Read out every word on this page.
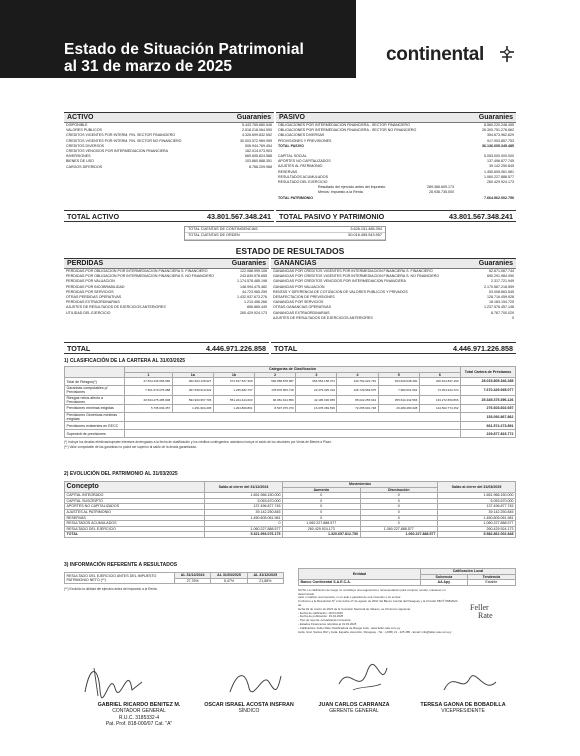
Estado de Situación Patrimonial
al 31 de marzo de 2025
continental
ACTIVO	Guaranies
DISPONIBLE	5.443.765.680.546
VALORES PUBLICOS	2.518.218.064.590
CREDITOS VIGENTES POR INTERM. FIN. SECTOR FINANCIERO	4.326.699.832.552
CREDITOS VIGENTES POR INTERM. FIN. SECTOR NO FINANCIERO	30.003.572.969.959
CREDITOS DIVERSOS	506.944.769.454
CREDITOS VENCIDOS POR INTERMEDIACION FINANCIERA	162.014.073.903
INVERSIONES	669.695.824.588
BIENES DE USO	103.860.888.351
CARGOS DIFERIDOS	8.788.209.968
PASIVO	Guaranies
OBLIGACIONES POR INTERMEDIACION FINANCIERA - SECTOR FINANCIERO	8.560.220.248.455
OBLIGACIONES POR INTERMEDIACION FINANCIERA - SECTOR NO FINANCIERO	26.300.751.276.662
OBLIGACIONES DIVERSAS	354.673.962.629
PROVISIONES Y PREVISIONES	917.903.857.753
TOTAL PASIVO	36.136.605.345.485
CAPITAL SOCIAL	5.053.000.000.000
APORTES NO CAPITALIZADOS	137.496.877.745
AJUSTES AL PATRIMONIO	39.142.250.845
RESERVAS	1.450.605.061.981
RESULTADOS ACUMULADOS	1.060.227.888.577
RESULTADO DEL EJERCICIO	260.429.924.173
Resultado del ejercicio antes del impuesto	289.366.609.173
Menos: impuesto a la Renta	28.936.735.000
TOTAL PATRIMONIO	7.664.962.002.756
TOTAL ACTIVO	43.801.567.348.241 TOTAL PASIVO Y PATRIMONIO	43.801.567.348.241
TOTAL CUENTAS DE CONTINGENCIAS	3.626.151.486.394
TOTAL CUENTAS DE ORDEN	50.016.459.943.957
ESTADO DE RESULTADOS
PERDIDAS	Guaranies
PERDIDAS POR OBLIGACION POR INTERMEDIACION FINANCIERA S. FINANCIERO	122.088.999.106
PERDIDAS POR OBLIGACION POR INTERMEDIACION FINANCIERA S. NO FINANCIERO	243.839.578.655
PERDIDAS POR VALUACION	1.174.578.485.198
PERDIDAS POR INCOBRABILIDAD	148.994.475.482
PERDIDAS POR SERVICIOS	44.723.965.259
OTRAS PERDIDAS OPERATIVAS	1.432.937.673.276
PERDIDAS EXTRAORDINARIAS	1.210.456.266
AJUSTES DE RESULTADOS DE EJERCICIOS ANTERIORES	856.865.449
UTILIDAD DEL EJERCICIO	260.429.924.173
GANANCIAS	Guaranies
GANANCIAS POR CREDITOS VIGENTES POR INTERMEDIACION FINANCIERA S. FINANCIERO	62.671.067.744
GANANCIAS POR CREDITOS VIGENTES POR INTERMEDIACION FINANCIERA S. NO FINANCIERO	690.291.984.090
GANANCIAS POR CREDITOS VENCIDOS POR INTERMEDIACION FINANCIERA	2.317.721.949
GANANCIAS POR VALUACION	2.170.567.218.559
RENTAS Y DIFERENCIA DE COTIZACION DE VALORES PUBLICOS Y PRIVADOS	53.008.663.545
DESAFECTACION DE PREVISIONES	128.716.459.928
GANANCIAS POR SERVICIOS	18.183.194.725
OTRAS GANANCIAS OPERATIVAS	1.237.576.457.148
GANANCIAS EXTRAORDINARIAS	8.767.700.029
AJUSTES DE RESULTADOS DE EJERCICIOS ANTERIORES	0
TOTAL	4.446.971.226.858 TOTAL	4.446.971.226.858
1) CLASIFICACIÓN DE LA CARTERA AL 31/03/2025
	Categorías de Clasificación								Total Cartera de Préstamos
	1	1a	1b	2	3	4	5	6	
Total de Riesgos(*)	27.634.346.566.996	962.603.138.927	673.517.527.390	592.858.878.387	654.554.158.374	240.752.224.791	453.620.038.400	206.624.837.490	28.015.805.346.285
Garantías computables p/ Previsiones	7.301.073.075.088	367.690.910.922	1.235.682.707	178.876.665.718	23.479.325.419	105.729.969.675	7.983.601.654	73.354.944.724	7.670.429.945.077
Riesgos netos afecto a Previsiones	20.534.275.485.908	594.903.957.705	551.224.444.603	90.981.914.859	42.195.036.955	85.022.255.644	355.644.432.566	133.272.650.866	25.345.375.396.126
Previsiones mínimas exigidas	5.735.093.457	1.251.904.205	1.204.809.861	8.597.975.370	16.378.369.536	72.255.901.748	26.480.280.328	144.502.774.152	276.603.602.657
Previsiones Genéricas mínimas exigidas									153.092.867.862
Previsiones existentes en EECC									661.574.273.891
Superávit de previsiones									229.877.823.772
(*) Incluye los deudas efectivas/suprater intereses devengados a la fecha de clasificación y los créditos contingentes; asimismo incluye el saldo de los deudores por Venta de Bienes a Plazo.
(**) Valor computable de las garantías no podrá ser superior al saldo de la deuda garantizada.
2) EVOLUCIÓN DEL PATRIMONIO AL 31/03/2025
Concepto	Saldo al cierre del 31/12/2024	Movimientos		Saldo al cierre del 31/03/2025
		Aumento	Disminución	
CAPITAL INTEGRADO	1.651.966.150.000	0	0	1.651.966.150.000
CAPITAL SUSCRIPTO	5.053.670.000	0	0	5.053.670.000
APORTES NO CAPITALIZADOS	137.496.877.745	0	0	137.496.877.745
AJUSTES AL PATRIMONIO	39.142.250.845	0	0	39.142.250.845
RESERVAS	1.450.605.061.981	0	0	1.450.605.061.981
RESULTADOS ACUMULADOS	0	1.060.227.888.577	0	1.060.227.888.577
RESULTADO DEL EJERCICIO	1.060.227.888.577	260.429.924.173	1.060.227.888.577	260.429.924.173
TOTAL	5.321.993.076.175	1.320.657.812.750	1.060.227.888.577	5.582.862.002.848
3) INFORMACIÓN REFERENTE A RESULTADOS
RESULTADO DEL EJERCICIO ANTES DEL IMPUESTO PATRIMONIO NETO (**)	AL 31/12/2024	AL 31/03/2025	AL 31/12/2025
	27,76%	5,47%	21,88%
(**) Excluido la utilidad del ejercicio antes del impuesto a la Renta.
Entidad	Calificación Local	
	Solvencia	Tendencia
Banco Continental S.A.E.C.A.	AA Apy	Estable
NOTA: La calificación de riesgo no constituye una sugerencia o recomendación para comprar, vender, mantener un determinado
valor o realizar una inversión, ni un aval o garantía de una inversión o su emisor.
Conforme a la Resolución Nº 2 de fecha 17 de agosto de 2010 del Banco Central del Paraguay y la Circular SB Nº 668/2024 de
fecha 02 de marzo de 2024 de la Comisión Nacional de Valores, se informa lo siguiente:
- Fecha de calificación: 18.04.2025
- Fecha de publicación: 19.04.2025
- Tipo de reporte: Actualización trimestral
- Estados Financieros referidos al 31.03.2025
- Calificadora: Feller Rate Clasificadora de Riesgo Ltda.: www.feller-rate.com.py
Avda. Gral. Santos 902 y Avda. España, Asunción, Paraguay - Tel.: (+595) 21 - 225 485 - Email: info@feller-rate.com.py
Feller
Rate
GABRIEL RICARDO BENITEZ M.
CONTADOR GENERAL
R.U.C. 3185332-4
Pat. Prof. 818-000/07 Cat. "A"
OSCAR ISRAEL ACOSTA INSFRAN
SÍNDICO
JUAN CARLOS CARRANZA
GERENTE GENERAL
TERESA GAONA DE BOBADILLA
VICEPRESIDENTE
